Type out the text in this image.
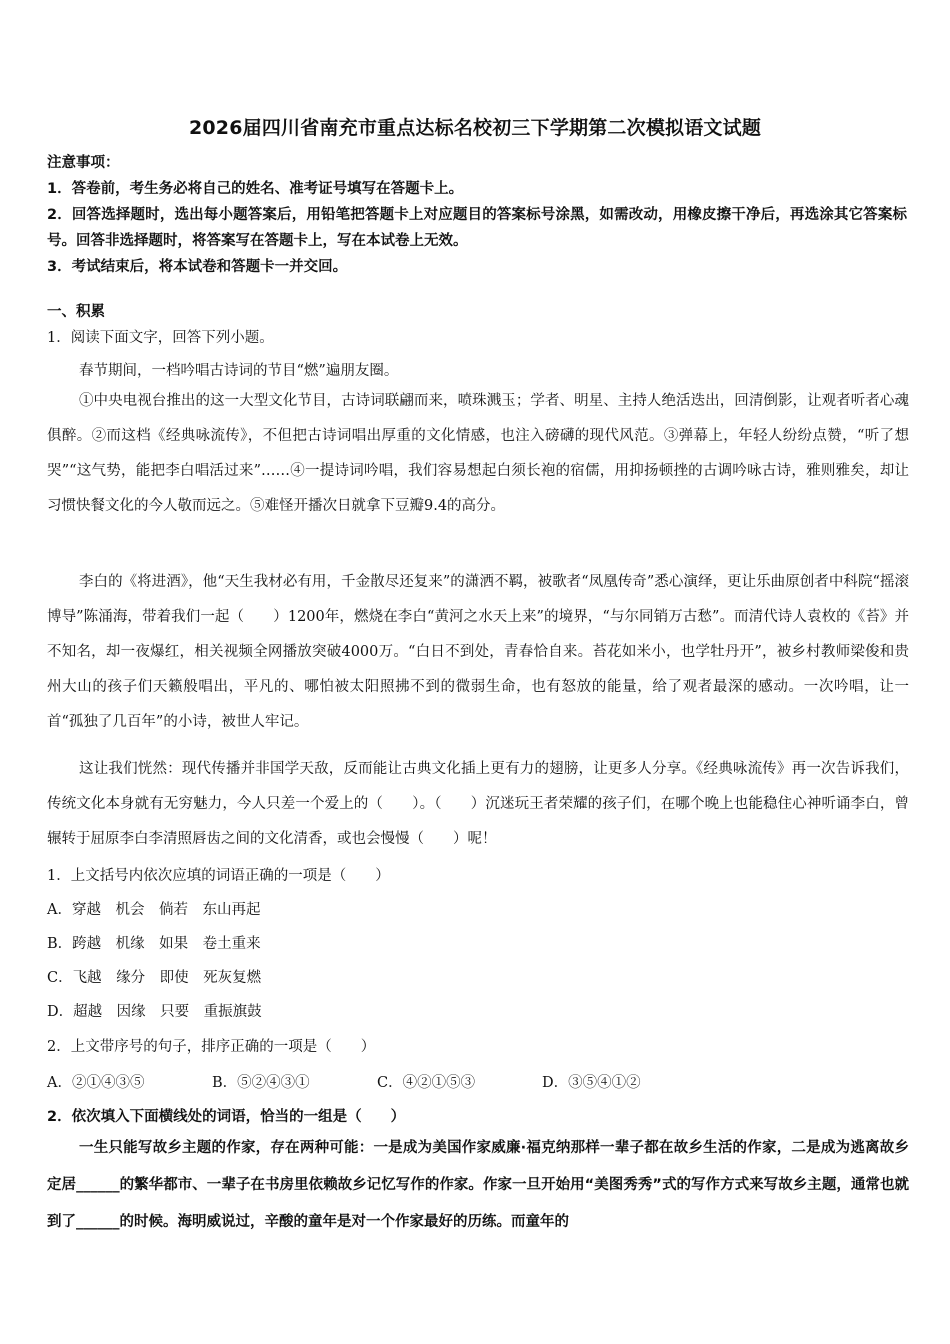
2026届四川省南充市重点达标名校初三下学期第二次模拟语文试题
注意事项：
1．答卷前，考生务必将自己的姓名、准考证号填写在答题卡上。
2．回答选择题时，选出每小题答案后，用铅笔把答题卡上对应题目的答案标号涂黑，如需改动，用橡皮擦干净后，再选涂其它答案标号。回答非选择题时，将答案写在答题卡上，写在本试卷上无效。
3．考试结束后，将本试卷和答题卡一并交回。
一、积累
1．阅读下面文字，回答下列小题。
春节期间，一档吟唱古诗词的节目“燃”遍朋友圈。
①中央电视台推出的这一大型文化节目，古诗词联翩而来，喷珠溅玉；学者、明星、主持人绝活迭出，回清倒影，让观者听者心魂俱醉。②而这档《经典咏流传》，不但把古诗词唱出厚重的文化情感，也注入磅礴的现代风范。③弹幕上，年轻人纷纷点赞，“听了想哭”“这气势，能把李白唱活过来”……④一提诗词吟唱，我们容易想起白须长袍的宿儒，用抑扬顿挫的古调吟咏古诗，雅则雅矣，却让习惯快餐文化的今人敬而远之。⑤难怪开播次日就拿下豆瓣9.4的高分。
李白的《将进酒》，他“天生我材必有用，千金散尽还复来”的潇洒不羁，被歌者“凤凰传奇”悉心演绎，更让乐曲原创者中科院“摇滚博导”陈涌海，带着我们一起（　　）1200年，燃烧在李白“黄河之水天上来”的境界，“与尔同销万古愁”。而清代诗人袁枚的《苔》并不知名，却一夜爆红，相关视频全网播放突破4000万。“白日不到处，青春恰自来。苔花如米小，也学牡丹开”，被乡村教师梁俊和贵州大山的孩子们天籁般唱出，平凡的、哪怕被太阳照拂不到的微弱生命，也有怒放的能量，给了观者最深的感动。一次吟唱，让一首“孤独了几百年”的小诗，被世人牢记。
这让我们恍然：现代传播并非国学天敌，反而能让古典文化插上更有力的翅膀，让更多人分享。《经典咏流传》再一次告诉我们，传统文化本身就有无穷魅力，今人只差一个爱上的（　　）。（　　）沉迷玩王者荣耀的孩子们，在哪个晚上也能稳住心神听诵李白，曾辗转于屈原李白李清照唇齿之间的文化清香，或也会慢慢（　　）呢！
1．上文括号内依次应填的词语正确的一项是（　　）
A．穿越　机会　倘若　东山再起
B．跨越　机缘　如果　卷土重来
C．飞越　缘分　即使　死灰复燃
D．超越　因缘　只要　重振旗鼓
2．上文带序号的句子，排序正确的一项是（　　）
A．②①④③⑤	B．⑤②④③①	C．④②①⑤③	D．③⑤④①②
2．依次填入下面横线处的词语，恰当的一组是（　　）
一生只能写故乡主题的作家，存在两种可能：一是成为美国作家威廉·福克纳那样一辈子都在故乡生活的作家，二是成为逃离故乡定居______的繁华都市、一辈子在书房里依赖故乡记忆写作的作家。作家一旦开始用“美图秀秀”式的写作方式来写故乡主题，通常也就到了______的时候。海明威说过，辛酸的童年是对一个作家最好的历练。而童年的
